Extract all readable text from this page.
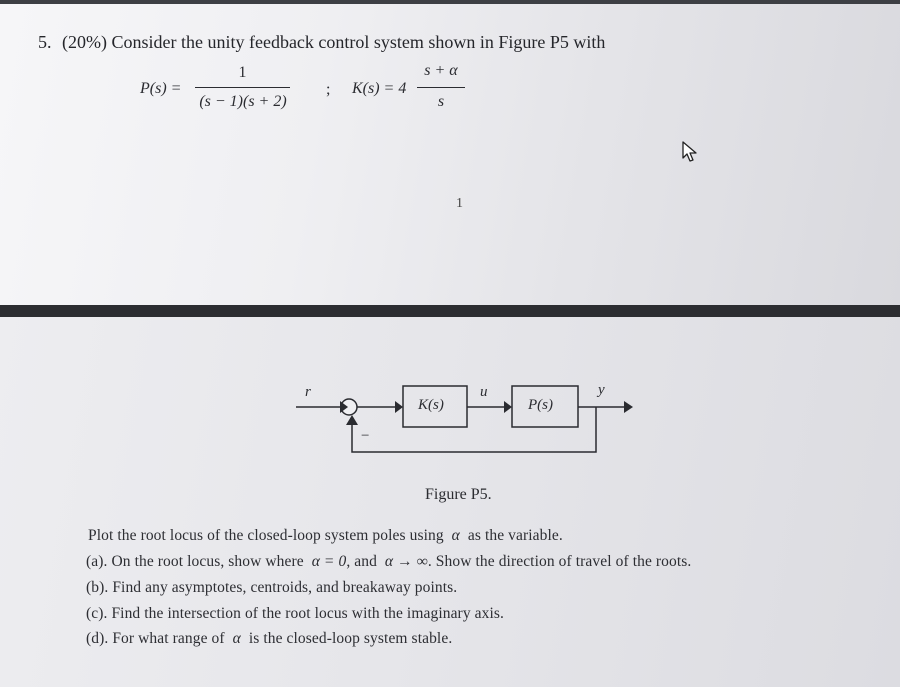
5. (20%) Consider the unity feedback control system shown in Figure P5 with
P(s) =
1
(s − 1)(s + 2)
; K(s) = 4
s + α
s
1
r
K(s)
u
P(s)
y
−
Figure P5.
Plot the root locus of the closed-loop system poles using α as the variable.
(a). On the root locus, show where α = 0, and α → ∞. Show the direction of travel of the roots.
(b). Find any asymptotes, centroids, and breakaway points.
(c). Find the intersection of the root locus with the imaginary axis.
(d). For what range of α is the closed-loop system stable.
